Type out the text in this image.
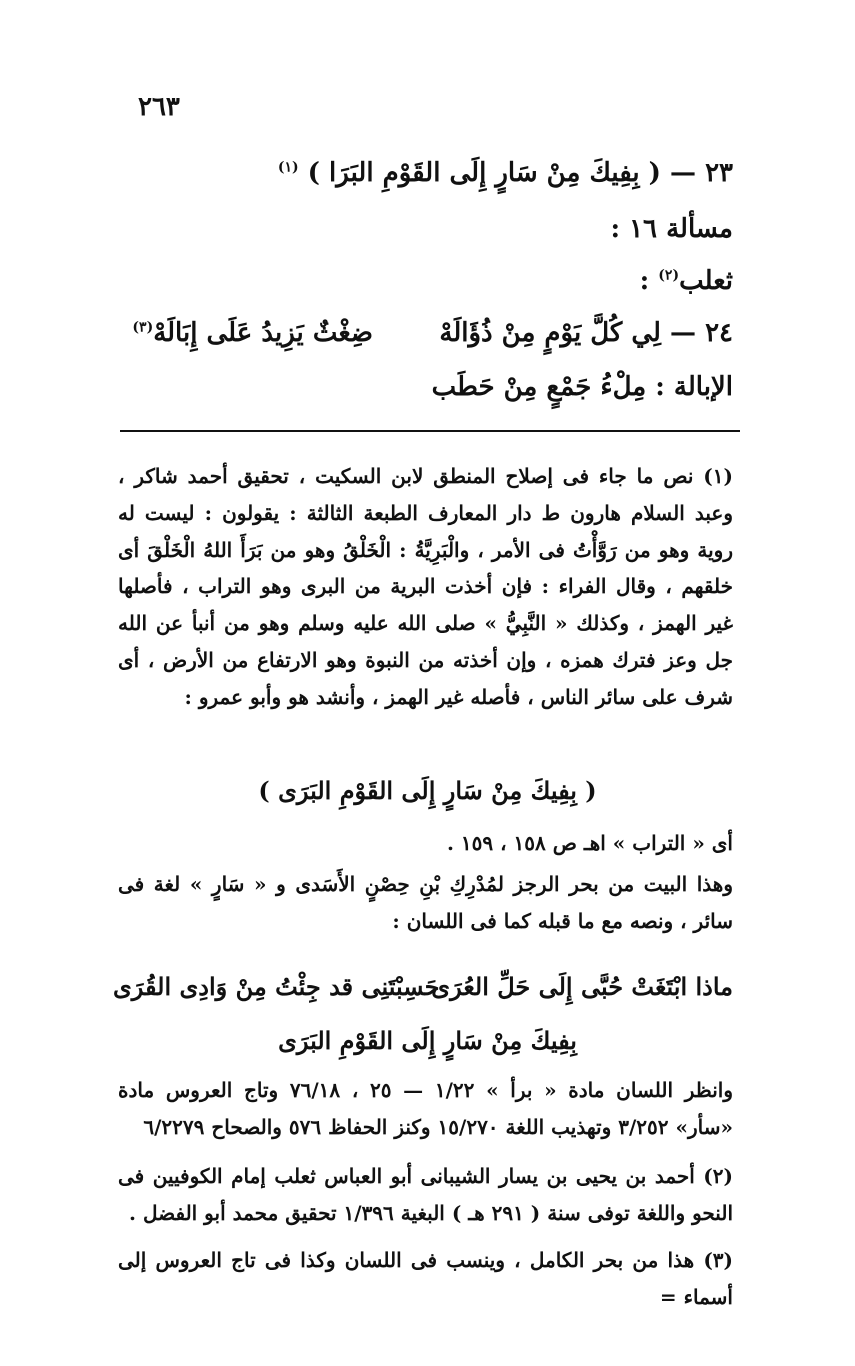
٢٦٣
٢٣ — ( بِفِيكَ مِنْ سَارٍ إِلَى القَوْمِ البَرَا ) $^{(١)}$
مسألة ١٦ :
ثعلب$^{(٢)}$ :
٢٤ — لِي كُلَّ يَوْمٍ مِنْ ذُؤَالَهْ
ضِغْثٌ يَزِيدُ عَلَى إِبَالَهْ$^{(٣)}$
الإبالة : مِلْءُ جَمْعٍ مِنْ حَطَب
(١) نص ما جاء فى إصلاح المنطق لابن السكيت ، تحقيق أحمد شاكر ، وعبد السلام هارون ط دار المعارف الطبعة الثالثة : يقولون : ليست له روية وهو من رَوَّأْتُ فى الأمر ، والْبَرِيَّةُ : الْخَلْقُ وهو من بَرَأَ اللهُ الْخَلْقَ أى خلقهم ، وقال الفراء : فإن أخذت البرية من البرى وهو التراب ، فأصلها غير الهمز ، وكذلك « النَّبِيُّ » صلى الله عليه وسلم وهو من أنبأ عن الله جل وعز فترك همزه ، وإن أخذته من النبوة وهو الارتفاع من الأرض ، أى شرف على سائر الناس ، فأصله غير الهمز ، وأنشد هو وأبو عمرو :
( بِفِيكَ مِنْ سَارٍ إِلَى القَوْمِ البَرَى )
أى « التراب » اهـ ص ١٥٨ ، ١٥٩ .
وهذا البيت من بحر الرجز لمُدْرِكِ بْنِ حِصْنٍ الأَسَدى و « سَارٍ » لغة فى سائر ، ونصه مع ما قبله كما فى اللسان :
ماذا ابْتَغَتْ حُبَّى إِلَى حَلِّ العُرَى
حَسِبْتَنِى قد جِئْتُ مِنْ وَادِى القُرَى
بِفِيكَ مِنْ سَارٍ إِلَى القَوْمِ البَرَى
وانظر اللسان مادة « برأ » ١/٢٢ — ٢٥ ، ٧٦/١٨ وتاج العروس مادة «سأر» ٣/٢٥٢ وتهذيب اللغة ١٥/٢٧٠ وكنز الحفاظ ٥٧٦ والصحاح ٦/٢٢٧٩
(٢) أحمد بن يحيى بن يسار الشيبانى أبو العباس ثعلب إمام الكوفيين فى النحو واللغة توفى سنة ( ٢٩١ هـ ) البغية ١/٣٩٦ تحقيق محمد أبو الفضل .
(٣) هذا من بحر الكامل ، وينسب فى اللسان وكذا فى تاج العروس إلى أسماء =
